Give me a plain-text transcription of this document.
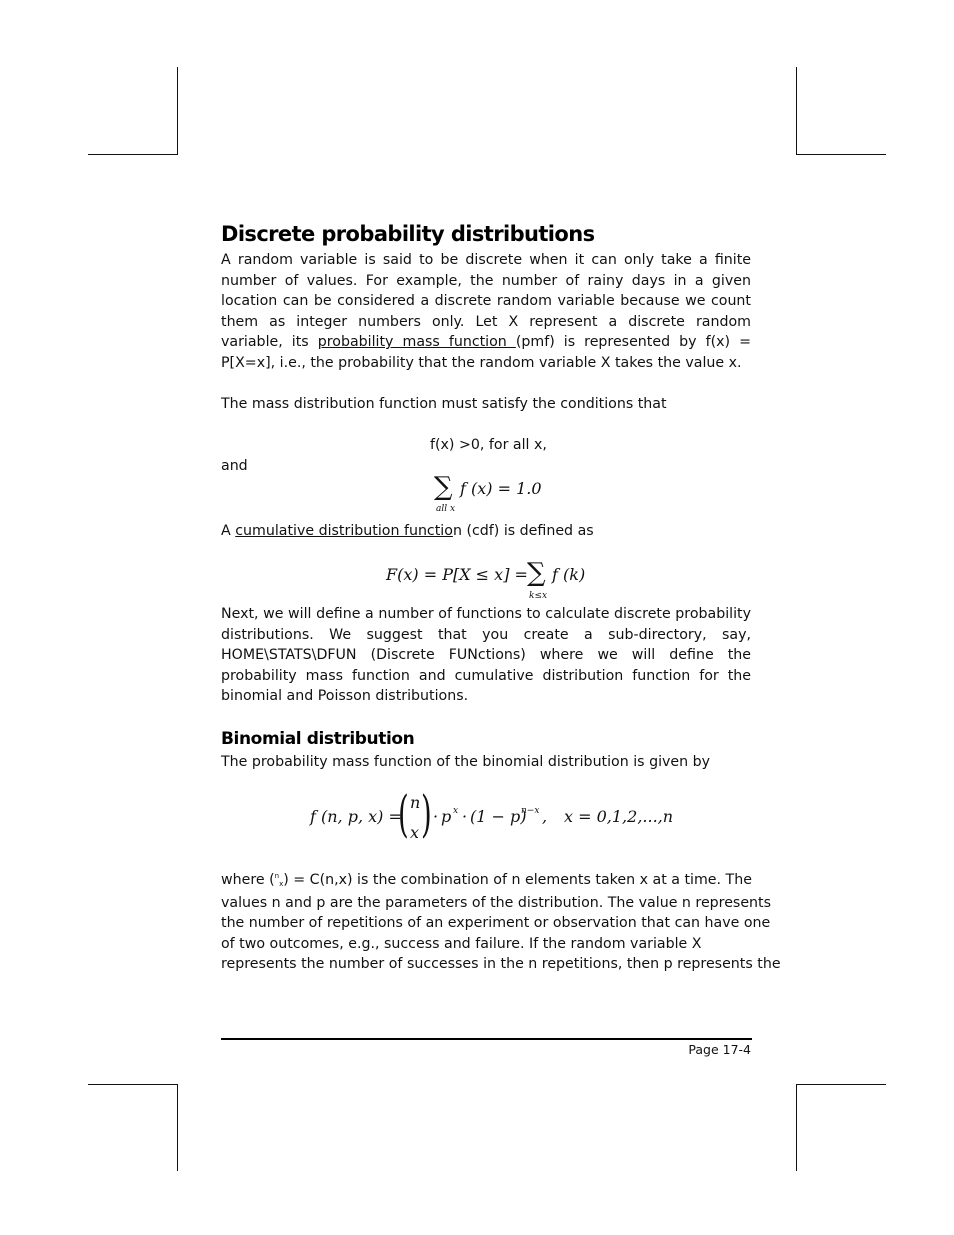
Discrete probability distributions
A random variable is said to be discrete when it can only take a finite number of values. For example, the number of rainy days in a given location can be considered a discrete random variable because we count them as integer numbers only. Let X represent a discrete random variable, its probability mass function (pmf) is represented by f(x) = P[X=x], i.e., the probability that the random variable X takes the value x.
The mass distribution function must satisfy the conditions that
f(x) >0, for all x,
and
∑ f (x) = 1.0
all x
A cumulative distribution function (cdf) is defined as
F(x) = P[X ≤ x] = ∑ f (k)
k≤x
Next, we will define a number of functions to calculate discrete probability distributions. We suggest that you create a sub-directory, say, HOME\STATS\DFUN (Discrete FUNctions) where we will define the probability mass function and cumulative distribution function for the binomial and Poisson distributions.
Binomial distribution
The probability mass function of the binomial distribution is given by
f (n, p, x) =
( n
x ) · p x · (1 − p)
n−x , x = 0,1,2,...,n
where ($^n$x) = C(n,x) is the combination of n elements taken x at a time. The
values n and p are the parameters of the distribution. The value n represents
the number of repetitions of an experiment or observation that can have one
of two outcomes, e.g., success and failure. If the random variable X
represents the number of successes in the n repetitions, then p represents the
Page 17-4
